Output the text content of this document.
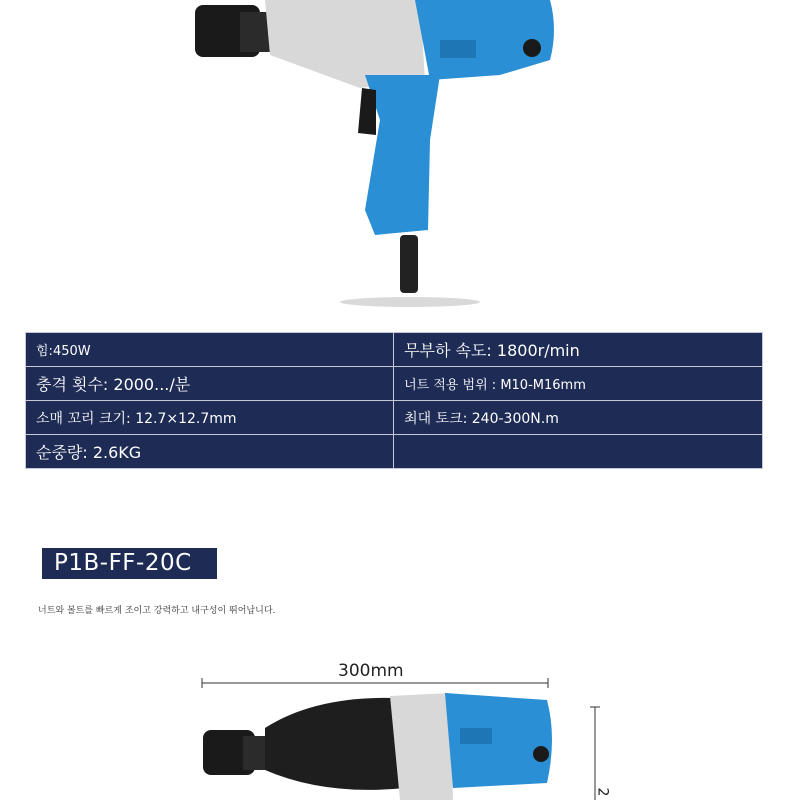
힘:450W	무부하 속도: 1800r/min
충격 횟수: 2000.../분	너트 적용 범위 : M10-M16mm
소매 꼬리 크기: 12.7×12.7mm	최대 토크: 240-300N.m
순중량: 2.6KG	
P1B-FF-20C
너트와 볼트를 빠르게 조이고 강력하고 내구성이 뛰어납니다.
300mm
2
